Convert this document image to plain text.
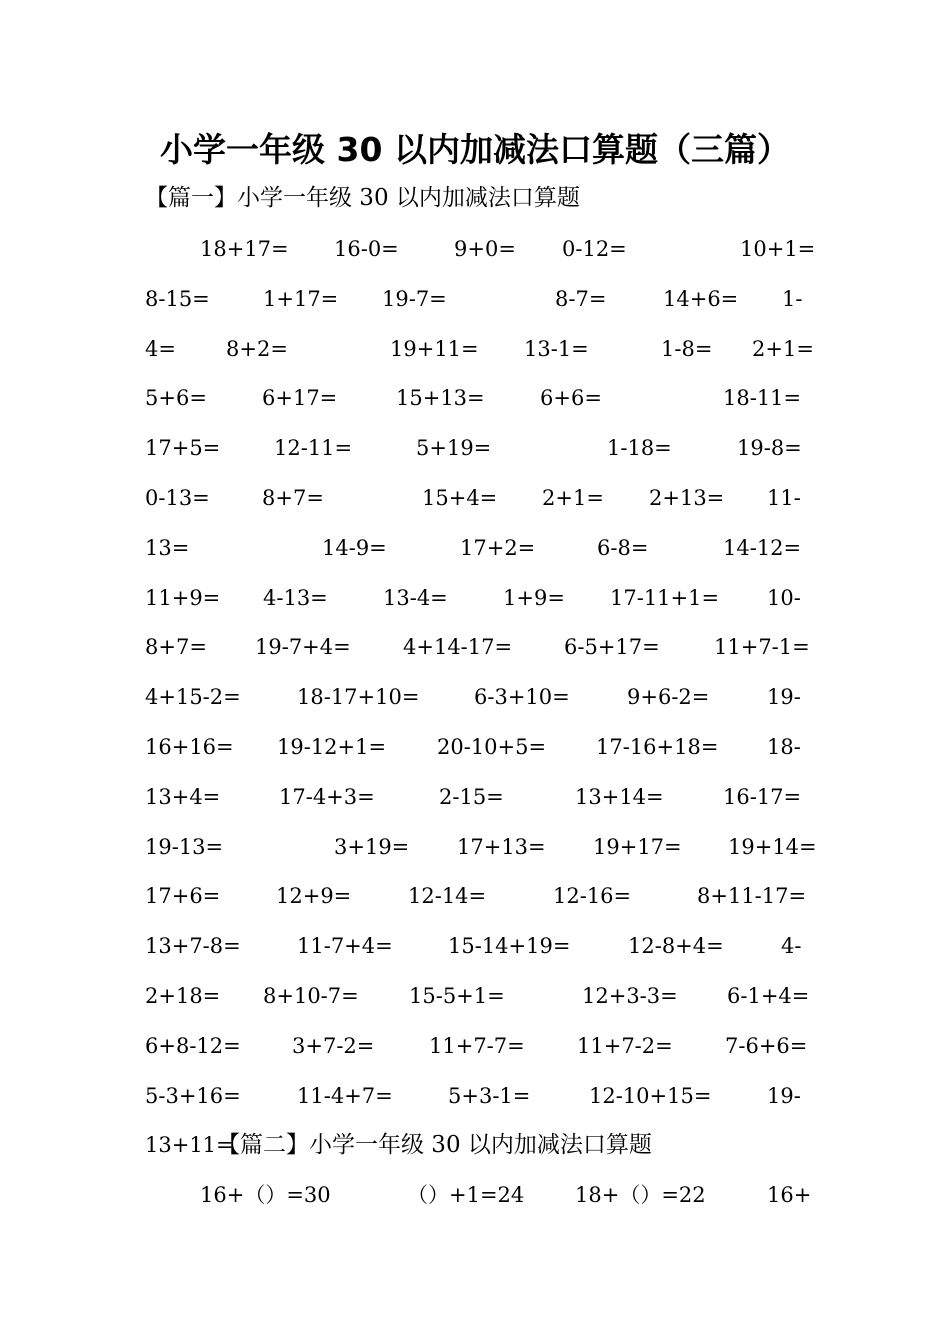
小学一年级 30 以内加减法口算题（三篇）
【篇一】小学一年级 30 以内加减法口算题
18+17= 16-0=	9+0= 0-12=	10+1=
8-15=	1+17= 19-7=	8-7=	14+6= 1-
4= 8+2=	19+11= 13-1=	1-8= 2+1=
5+6=	6+17=	15+13=	6+6=	18-11=
17+5=	12-11=	5+19=	1-18=	19-8=
0-13= 8+7=	15+4= 2+1= 2+13= 11-
13=	14-9=	17+2=	6-8=	14-12=
11+9= 4-13=	13-4=	1+9= 17-11+1= 10-
8+7= 19-7+4= 4+14-17= 6-5+17=	11+7-1=
4+15-2=	18-17+10=	6-3+10=	9+6-2=	19-
16+16= 19-12+1= 20-10+5= 17-16+18= 18-
13+4=	17-4+3=	2-15=	13+14=	16-17=
19-13=	3+19= 17+13= 19+17= 19+14=
17+6=	12+9=	12-14=	12-16=	8+11-17=
13+7-8=	11-7+4=	15-14+19=	12-8+4=	4-
2+18= 8+10-7= 15-5+1=	12+3-3= 6-1+4=
6+8-12= 3+7-2=	11+7-7= 11+7-2= 7-6+6=
5-3+16=	11-4+7=	5+3-1=	12-10+15=	19-
13+11=
【篇二】小学一年级 30 以内加减法口算题
16+（）=30	（）+1=24 18+（）=22	16+
